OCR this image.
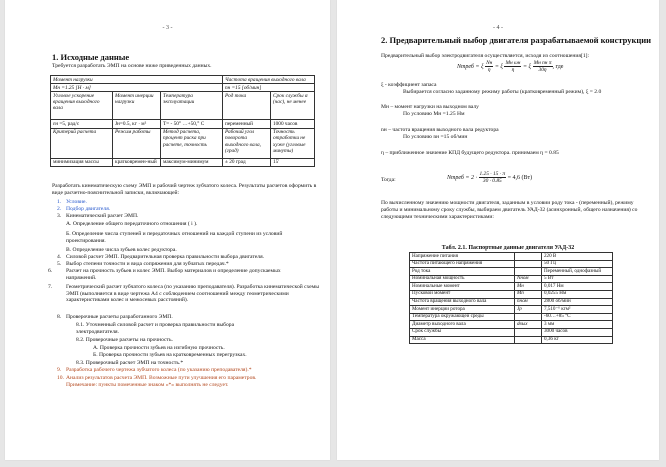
- 3 -
1. Исходные данные
Требуется разработать ЭМП на основе ниже приведенных данных.
Момент нагрузки			Частота вращения выходного вала	
Mн =1.25 [Н · м]			nн =15 [об/мин]	
Угловое ускорение вращения выходного вала	Момент инерции нагрузки	Температура эксплуатации	Род тока	Срок службы α (час), не менее
εн =5, рад/с	Jн=0.5, кг · м²	T= - 50° …+50,° C	переменный	1000 часов
Критерий расчета	Режим работы	Метод расчета, процент риска при расчете, точность	Рабочий угол поворота выходного вала, (град)	Точность отработки не хуже (угловые минуты)
минимизация массы	кратковремен-ный	максимум-минимум	± 20 град	15'
Разработать кинематическую схему ЭМП и рабочий чертеж зубчатого колеса. Результаты расчетов оформить в виде расчетно-пояснительной записки, включающей:
1. Условие.
2. Подбор двигателя.
3. Кинематический расчет ЭМП.
А. Определение общего передаточного отношения ( i ).
Б. Определение числа ступеней и передаточных отношений на каждой ступени из условий проектирования.
В. Определение числа зубьев колес редуктора.
4. Силовой расчет ЭМП. Предварительная проверка правильности выбора двигателя.
5. Выбор степени точности и вида сопряжения для зубчатых передач.*
6. Расчет на прочность зубьев и колес ЭМП. Выбор материалов и определение допускаемых напряжений.
7. Геометрический расчет зубчатого колеса (по указанию преподавателя). Разработка кинематической схемы ЭМП (выполняется в виде чертежа А4 с соблюдением соотношений между геометрическими характеристиками колес и межосевых расстояний).
8. Проверочные расчеты разработанного ЭМП.
8.1. Уточненный силовой расчет и проверка правильности выбора электродвигателя.
8.2. Проверочные расчеты на прочность.
А. Проверка прочности зубьев на изгибную прочность.
Б. Проверка прочности зубьев на кратковременных перегрузках.
8.3. Проверочный расчет ЭМП на точность.*
9. Разработка рабочего чертежа зубчатого колеса (по указанию преподавателя).*
10. Анализ результатов расчета ЭМП. Возможные пути улучшения его параметров.
Примечание: пункты помеченные знаком «*» выполнять не следует.
- 4 -
2. Предварительный выбор двигателя разрабатываемой конструкции
Предварительный выбор электродвигателя осуществляется, исходя из соотношения[1]:
Nтреб = ξ $\frac{Nн}{\eta} = \xi \frac{\text{Mн ωн}}{\eta} = \xi \frac{\text{Mн nн π}}{30\eta}$ , где
ξ - коэффициент запаса
Выбирается согласно заданному режиму работы (кратковременный режим), ξ = 2.0
Mн – момент нагрузки на выходном валу
По условию Mн =1.25 Нм
nн – частота вращения выходного вала редуктора
По условию nн =15 об/мин
η – приближенное значение КПД будущего редуктора. принимаем η = 0.85
Тогда:	Nтреб = $2 \cdot \frac{1.25 \cdot 15 \cdot \pi}{30 \cdot 0.85} = 4,6$ (Вт)
По вычисленному значению мощности двигателя, заданным в условии роду тока - (переменный), режиму работы и минимальному сроку службы, выбираем двигатель УАД-32 (асинхронный, общего назначения) со следующими техническими характеристиками:
Табл. 2.1. Паспортные данные двигателя УАД-32
Напряжение питания		220 В
Частота питающего напряжения		50 Гц
Род тока		Переменный, однофазный
Номинальная мощность	Nном	5 Вт
Номинальные момент	Mн	0,017 Нм
Пусковой момент	Mп	0,0255 Нм
Частота вращения выходного вала	nном	2800 об/мин
Момент инерции ротора	Jр	7,510⁻⁶ кгм²
Температура окружающей среды		-60…+85 °С
Диаметр выходного вала	dвых	3 мм
Срок службы		3000 часов
Масса		0,36 кг
